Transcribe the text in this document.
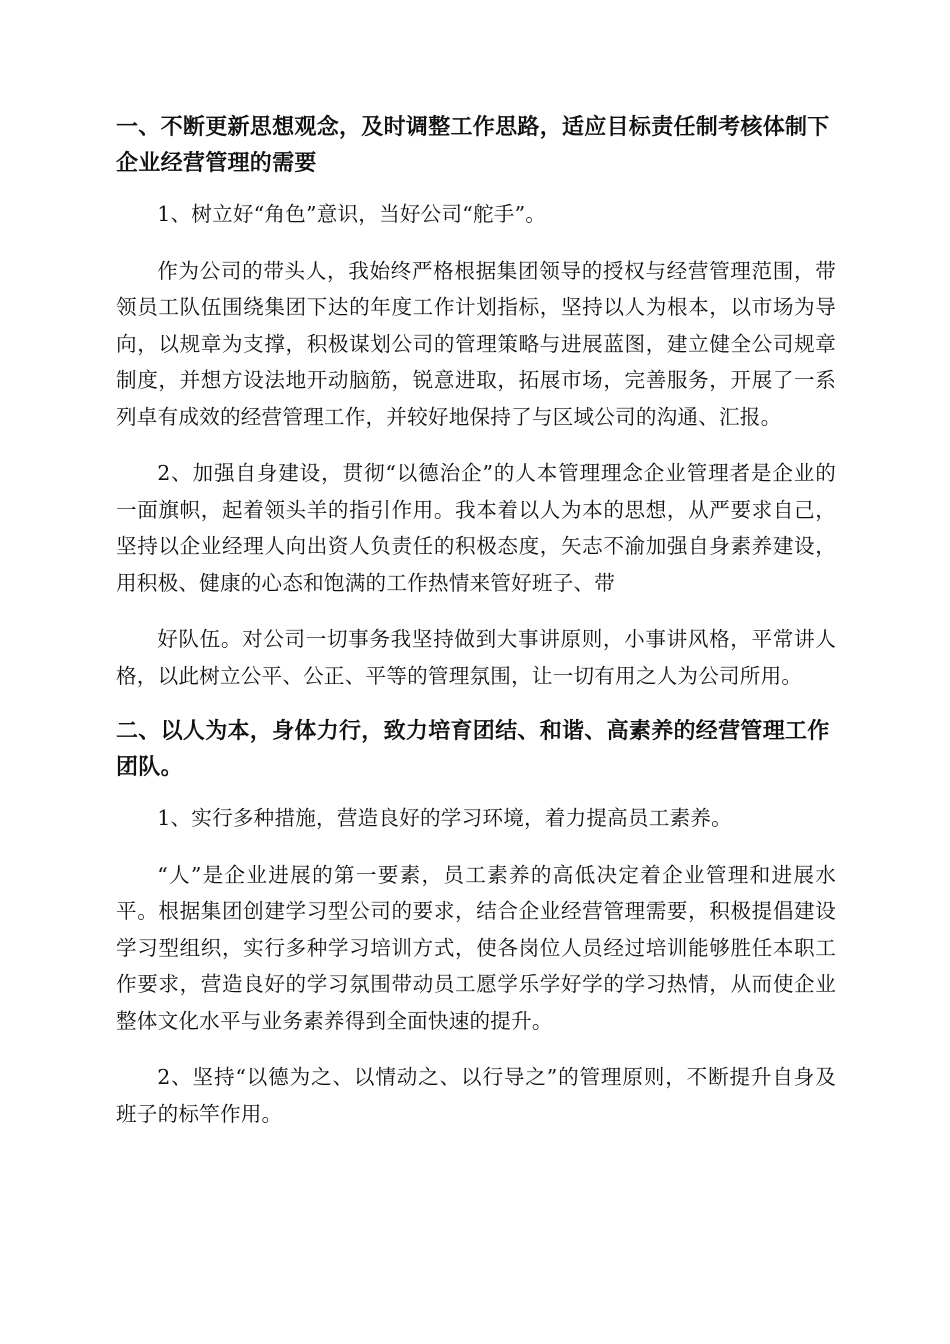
一、不断更新思想观念，及时调整工作思路，适应目标责任制考核体制下企业经营管理的需要

1、树立好“角色”意识，当好公司“舵手”。

作为公司的带头人，我始终严格根据集团领导的授权与经营管理范围，带领员工队伍围绕集团下达的年度工作计划指标，坚持以人为根本，以市场为导向，以规章为支撑，积极谋划公司的管理策略与进展蓝图，建立健全公司规章制度，并想方设法地开动脑筋，锐意进取，拓展市场，完善服务，开展了一系列卓有成效的经营管理工作，并较好地保持了与区域公司的沟通、汇报。

2、加强自身建设，贯彻“以德治企”的人本管理理念企业管理者是企业的一面旗帜，起着领头羊的指引作用。我本着以人为本的思想，从严要求自己，坚持以企业经理人向出资人负责任的积极态度，矢志不渝加强自身素养建设，用积极、健康的心态和饱满的工作热情来管好班子、带

好队伍。对公司一切事务我坚持做到大事讲原则，小事讲风格，平常讲人格，以此树立公平、公正、平等的管理氛围，让一切有用之人为公司所用。

二、以人为本，身体力行，致力培育团结、和谐、高素养的经营管理工作团队。

1、实行多种措施，营造良好的学习环境，着力提高员工素养。

“人”是企业进展的第一要素，员工素养的高低决定着企业管理和进展水平。根据集团创建学习型公司的要求，结合企业经营管理需要，积极提倡建设学习型组织，实行多种学习培训方式，使各岗位人员经过培训能够胜任本职工作要求，营造良好的学习氛围带动员工愿学乐学好学的学习热情，从而使企业整体文化水平与业务素养得到全面快速的提升。

2、坚持“以德为之、以情动之、以行导之”的管理原则，不断提升自身及班子的标竿作用。
